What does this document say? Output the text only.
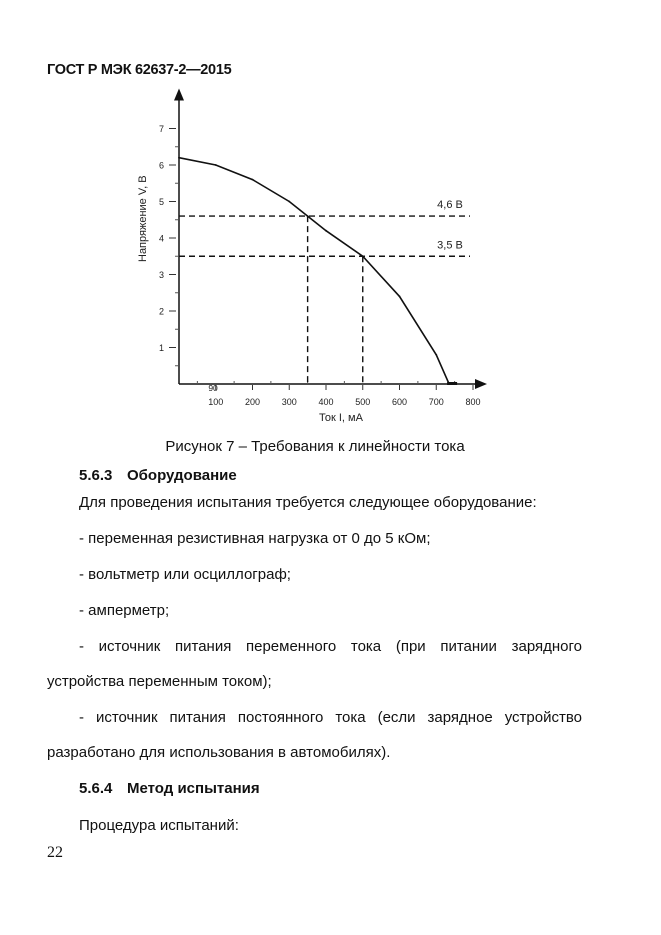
ГОСТ Р МЭК 62637-2—2015
1
2
3
4
5
6
7
100 200 300 400 500 600 700 800
90
4,6 В
3,5 В
Напряжение V, В
Ток I, мА
Рисунок 7 – Требования к линейности тока
5.6.3 Оборудование
Для проведения испытания требуется следующее оборудование:
- переменная резистивная нагрузка от 0 до 5 кОм;
- вольтметр или осциллограф;
- амперметр;
- источник питания переменного тока (при питании зарядного
устройства переменным током);
- источник питания постоянного тока (если зарядное устройство
разработано для использования в автомобилях).
5.6.4 Метод испытания
Процедура испытаний:
22
